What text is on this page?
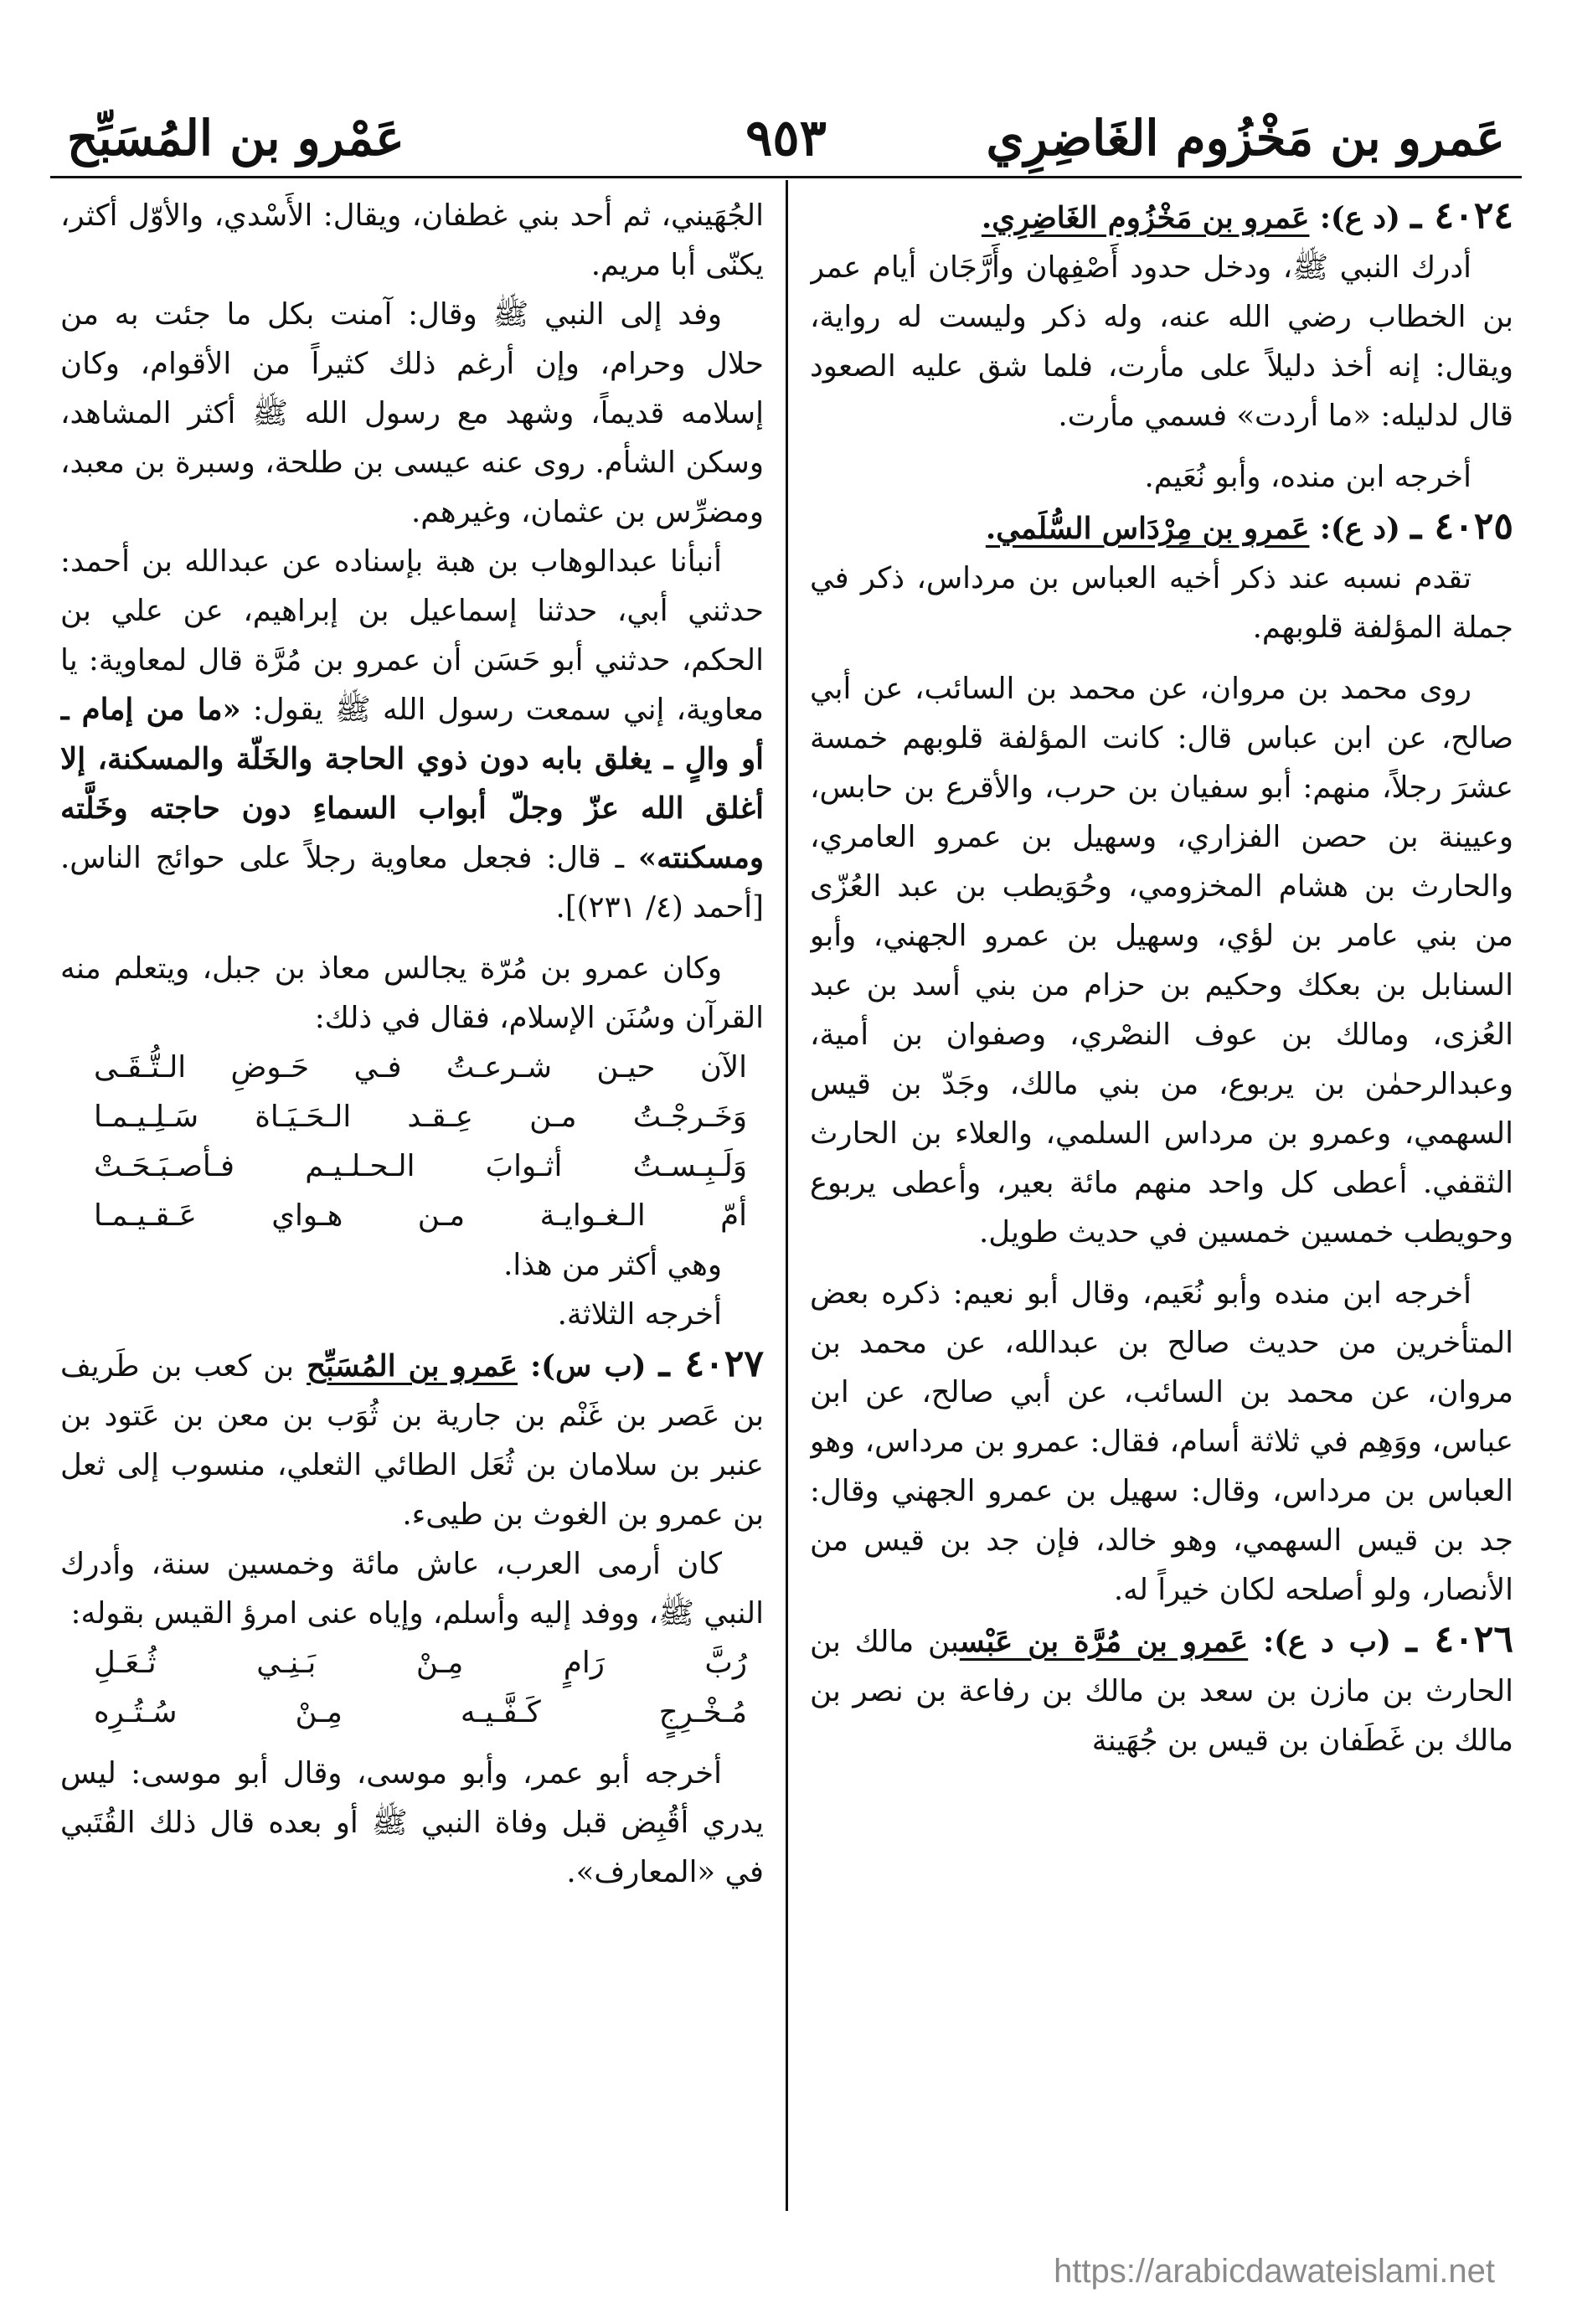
عَمرو بن مَخْزُوم الغَاضِرِي
٩٥٣
عَمْرو بن المُسَبِّح

٤٠٢٤ ـ (د ع): عَمرو بن مَخْزُوم الغَاضِرِي.

أدرك النبي ﷺ، ودخل حدود أَصْفِهان وأَرَّجَان أيام عمر بن الخطاب رضي الله عنه، وله ذكر وليست له رواية، ويقال: إنه أخذ دليلاً على مأرت، فلما شق عليه الصعود قال لدليله: «ما أردت» فسمي مأرت.

أخرجه ابن منده، وأبو نُعَيم.

٤٠٢٥ ـ (د ع): عَمرو بن مِرْدَاس السُّلَمي.

تقدم نسبه عند ذكر أخيه العباس بن مرداس، ذكر في جملة المؤلفة قلوبهم.

روى محمد بن مروان، عن محمد بن السائب، عن أبي صالح، عن ابن عباس قال: كانت المؤلفة قلوبهم خمسة عشرَ رجلاً، منهم: أبو سفيان بن حرب، والأقرع بن حابس، وعيينة بن حصن الفزاري، وسهيل بن عمرو العامري، والحارث بن هشام المخزومي، وحُوَيطب بن عبد العُزّى من بني عامر بن لؤي، وسهيل بن عمرو الجهني، وأبو السنابل بن بعكك وحكيم بن حزام من بني أسد بن عبد العُزى، ومالك بن عوف النصْري، وصفوان بن أمية، وعبدالرحمٰن بن يربوع، من بني مالك، وجَدّ بن قيس السهمي، وعمرو بن مرداس السلمي، والعلاء بن الحارث الثقفي. أعطى كل واحد منهم مائة بعير، وأعطى يربوع وحويطب خمسين خمسين في حديث طويل.

أخرجه ابن منده وأبو نُعَيم، وقال أبو نعيم: ذكره بعض المتأخرين من حديث صالح بن عبدالله، عن محمد بن مروان، عن محمد بن السائب، عن أبي صالح، عن ابن عباس، ووَهِم في ثلاثة أسام، فقال: عمرو بن مرداس، وهو العباس بن مرداس، وقال: سهيل بن عمرو الجهني وقال: جد بن قيس السهمي، وهو خالد، فإن جد بن قيس من الأنصار، ولو أصلحه لكان خيراً له.

٤٠٢٦ ـ (ب د ع): عَمرو بن مُرَّة بن عَبْسبن مالك بن الحارث بن مازن بن سعد بن مالك بن رفاعة بن نصر بن مالك بن غَطَفان بن قيس بن جُهَينة

الجُهَيني، ثم أحد بني غطفان، ويقال: الأَسْدي، والأوّل أكثر، يكنّى أبا مريم.

وفد إلى النبي ﷺ وقال: آمنت بكل ما جئت به من حلال وحرام، وإن أرغم ذلك كثيراً من الأقوام، وكان إسلامه قديماً، وشهد مع رسول الله ﷺ أكثر المشاهد، وسكن الشأم. روى عنه عيسى بن طلحة، وسبرة بن معبد، ومضرِّس بن عثمان، وغيرهم.

أنبأنا عبدالوهاب بن هبة بإسناده عن عبدالله بن أحمد: حدثني أبي، حدثنا إسماعيل بن إبراهيم، عن علي بن الحكم، حدثني أبو حَسَن أن عمرو بن مُرَّة قال لمعاوية: يا معاوية، إني سمعت رسول الله ﷺ يقول: «ما من إمام ـ أو والٍ ـ يغلق بابه دون ذوي الحاجة والخَلّة والمسكنة، إلا أغلق الله عزّ وجلّ أبواب السماءِ دون حاجته وخَلَّته ومسكنته» ـ قال: فجعل معاوية رجلاً على حوائج الناس. [أحمد (٤/ ٢٣١)].

وكان عمرو بن مُرّة يجالس معاذ بن جبل، ويتعلم منه القرآن وسُنَن الإسلام، فقال في ذلك:

الآن حيـن شـرعـتُ فـي حَـوضِ الـتُّـقَـى
وَخَـرجْـتُ مـن عِـقـد الـحَـيَـاة سَـلِـيـمـا
وَلَـبِـسـتُ أثـوابَ الـحـلـيـم فـأصـبَـحَـتْ
أمّ الـغـوايـة مـن هـواي عَـقـيـمـا

وهي أكثر من هذا.

أخرجه الثلاثة.

٤٠٢٧ ـ (ب س): عَمرو بن المُسَبِّح بن كعب بن طَريف بن عَصر بن غَنْم بن جارية بن ثُوَب بن معن بن عَتود بن عنبر بن سلامان بن ثُعَل الطائي الثعلي، منسوب إلى ثعل بن عمرو بن الغوث بن طيىء.

كان أرمى العرب، عاش مائة وخمسين سنة، وأدرك النبي ﷺ، ووفد إليه وأسلم، وإياه عنى امرؤ القيس بقوله:

رُبَّ رَامٍ مِـنْ بَـنِـي ثُـعَـلِ
مُـخْـرِجٍ كَـفَّـيـه مِـنْ سُـتُـرِه

أخرجه أبو عمر، وأبو موسى، وقال أبو موسى: ليس يدري أقُبِض قبل وفاة النبي ﷺ أو بعده قال ذلك القُتَبي في «المعارف».

https://arabicdawateislami.net
